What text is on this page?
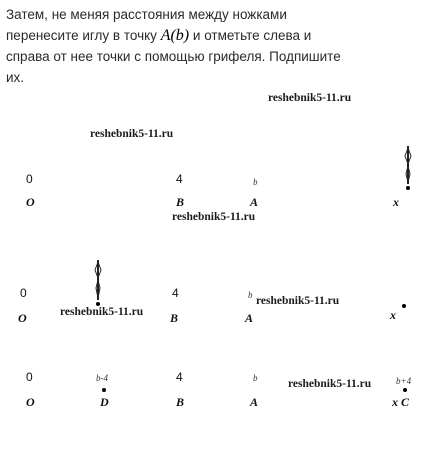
Затем, не меняя расстояния между ножками
перенесите иглу в точку A(b) и отметьте слева и
справа от нее точки с помощью грифеля. Подпишите
их.
reshebnik5-11.ru
reshebnik5-11.ru
reshebnik5-11.ru
reshebnik5-11.ru
reshebnik5-11.ru
reshebnik5-11.ru
0	4	b
O	B	A	x
0	4	b
O	B	A	x
0	b-4	4	b	b+4
O	D	B	A	x C
